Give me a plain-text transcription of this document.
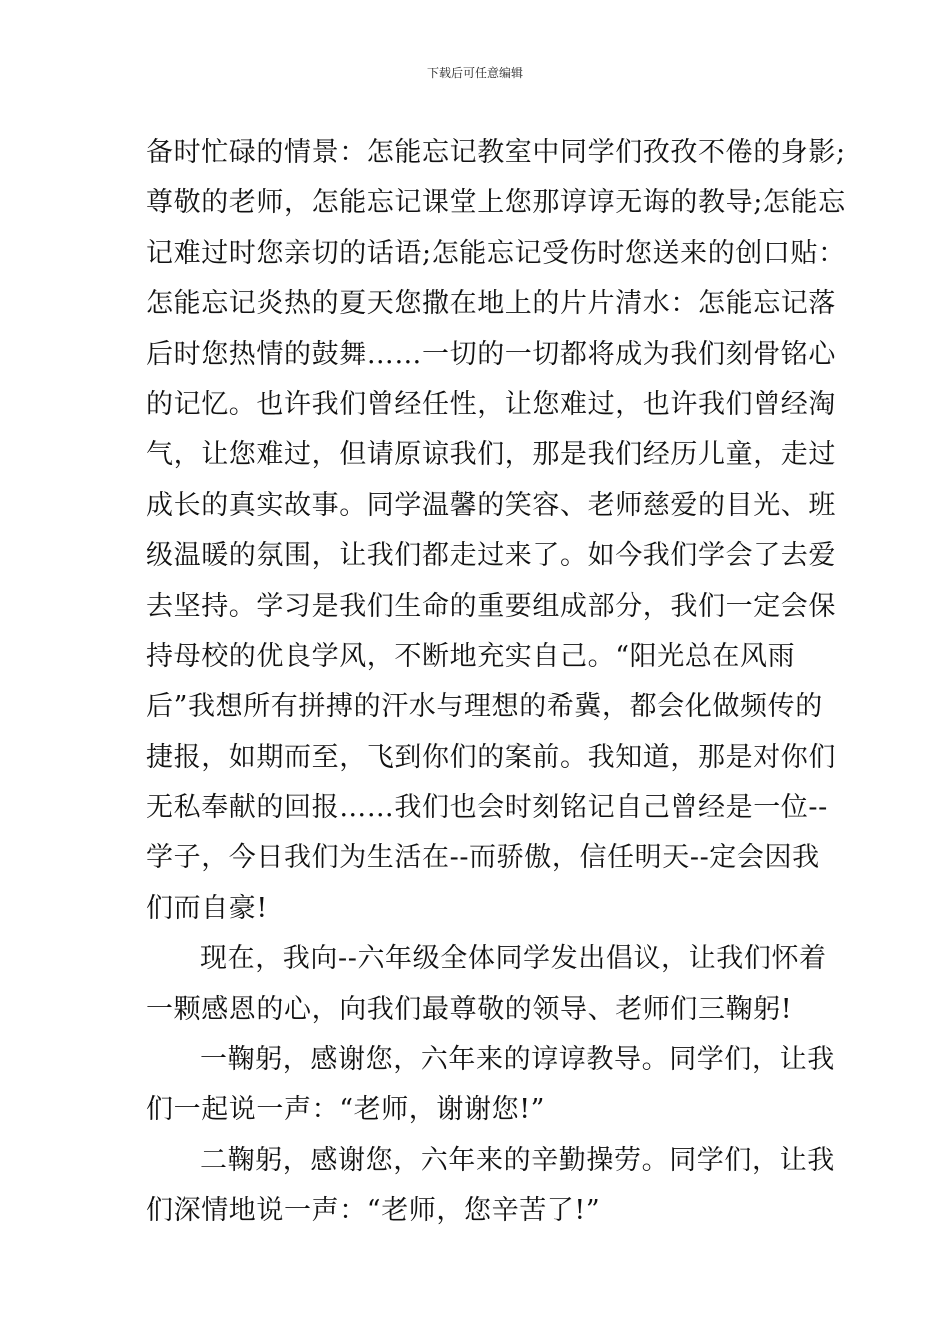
下载后可任意编辑
备时忙碌的情景：怎能忘记教室中同学们孜孜不倦的身影;
尊敬的老师，怎能忘记课堂上您那谆谆无诲的教导;怎能忘
记难过时您亲切的话语;怎能忘记受伤时您送来的创口贴：
怎能忘记炎热的夏天您撒在地上的片片清水：怎能忘记落
后时您热情的鼓舞……一切的一切都将成为我们刻骨铭心
的记忆。也许我们曾经任性，让您难过，也许我们曾经淘
气，让您难过，但请原谅我们，那是我们经历儿童，走过
成长的真实故事。同学温馨的笑容、老师慈爱的目光、班
级温暖的氛围，让我们都走过来了。如今我们学会了去爱
去坚持。学习是我们生命的重要组成部分，我们一定会保
持母校的优良学风，不断地充实自己。“阳光总在风雨
后”我想所有拼搏的汗水与理想的希冀，都会化做频传的
捷报，如期而至，飞到你们的案前。我知道，那是对你们
无私奉献的回报……我们也会时刻铭记自己曾经是一位--
学子，今日我们为生活在--而骄傲，信任明天--定会因我
们而自豪!
现在，我向--六年级全体同学发出倡议，让我们怀着
一颗感恩的心，向我们最尊敬的领导、老师们三鞠躬!
一鞠躬，感谢您，六年来的谆谆教导。同学们，让我
们一起说一声：“老师，谢谢您!”
二鞠躬，感谢您，六年来的辛勤操劳。同学们，让我
们深情地说一声：“老师，您辛苦了!”
